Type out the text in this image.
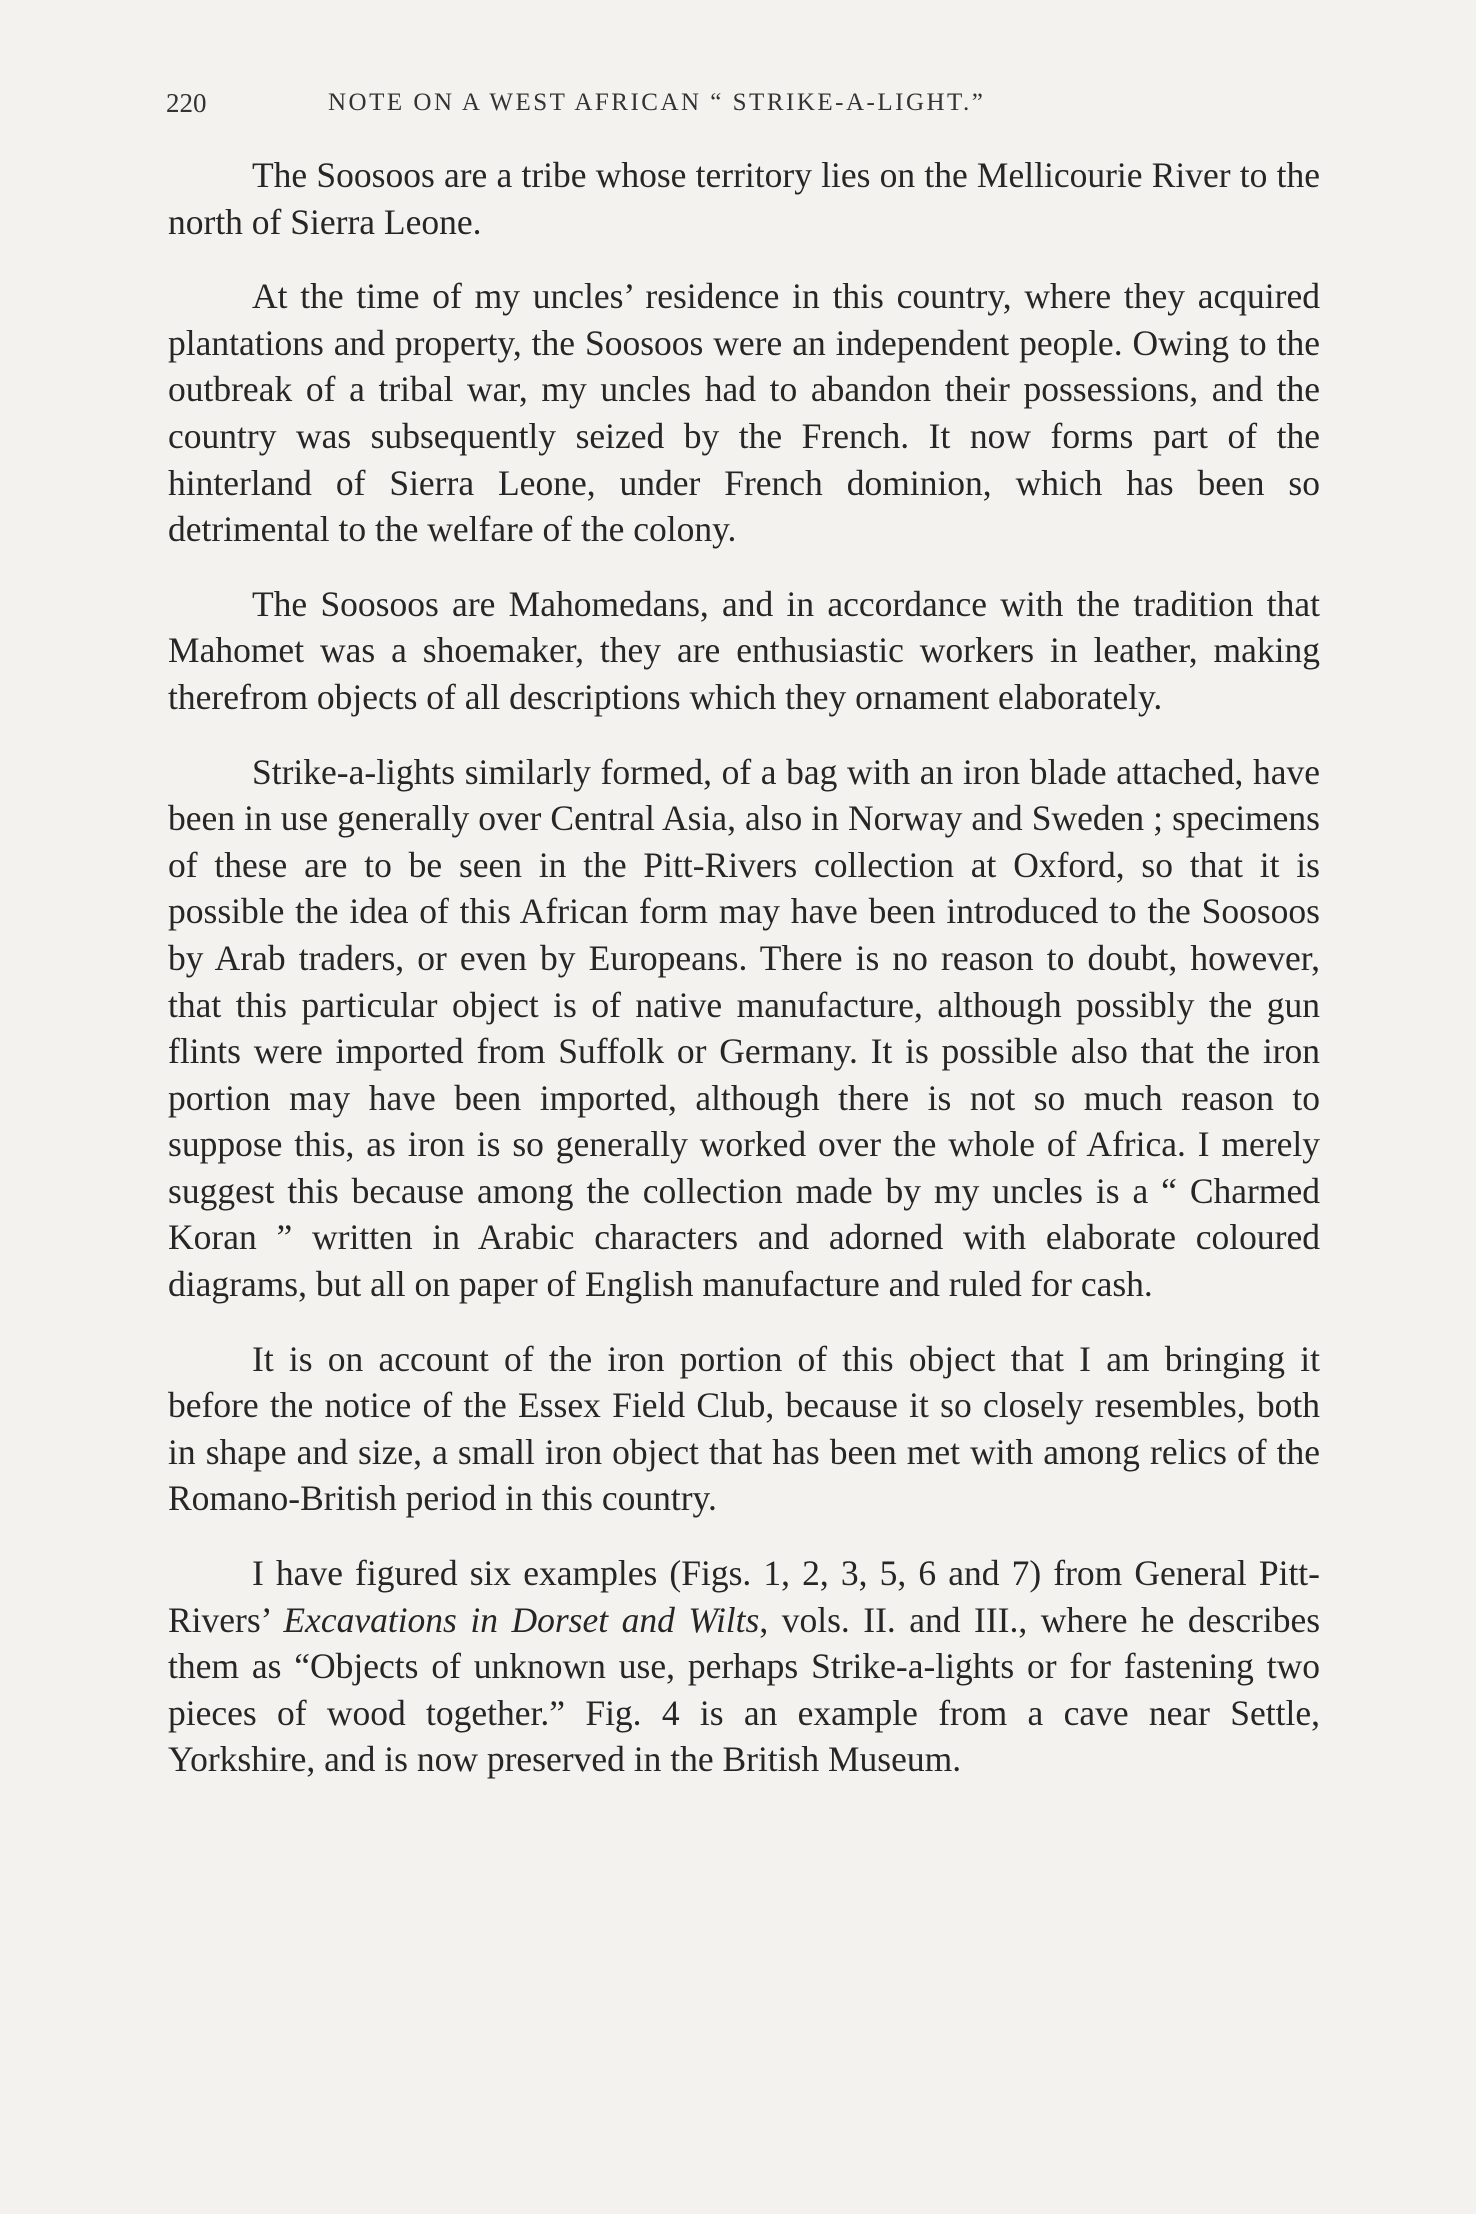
220	NOTE ON A WEST AFRICAN “ STRIKE-A-LIGHT.”

The Soosoos are a tribe whose territory lies on the Mellicourie River to the north of Sierra Leone.

At the time of my uncles’ residence in this country, where they acquired plantations and property, the Soosoos were an independent people. Owing to the outbreak of a tribal war, my uncles had to abandon their possessions, and the country was subsequently seized by the French. It now forms part of the hinterland of Sierra Leone, under French dominion, which has been so detrimental to the welfare of the colony.

The Soosoos are Mahomedans, and in accordance with the tradition that Mahomet was a shoemaker, they are enthusiastic workers in leather, making therefrom objects of all descriptions which they ornament elaborately.

Strike-a-lights similarly formed, of a bag with an iron blade attached, have been in use generally over Central Asia, also in Norway and Sweden ; specimens of these are to be seen in the Pitt-Rivers collection at Oxford, so that it is possible the idea of this African form may have been introduced to the Soosoos by Arab traders, or even by Europeans. There is no reason to doubt, however, that this particular object is of native manufacture, although possibly the gun flints were imported from Suffolk or Germany. It is possible also that the iron portion may have been imported, although there is not so much reason to suppose this, as iron is so generally worked over the whole of Africa. I merely suggest this because among the collection made by my uncles is a “ Charmed Koran ” written in Arabic characters and adorned with elaborate coloured diagrams, but all on paper of English manufacture and ruled for cash.

It is on account of the iron portion of this object that I am bringing it before the notice of the Essex Field Club, because it so closely resembles, both in shape and size, a small iron object that has been met with among relics of the Romano-British period in this country.

I have figured six examples (Figs. 1, 2, 3, 5, 6 and 7) from General Pitt-Rivers’ Excavations in Dorset and Wilts, vols. II. and III., where he describes them as “Objects of unknown use, perhaps Strike-a-lights or for fastening two pieces of wood together.” Fig. 4 is an example from a cave near Settle, Yorkshire, and is now preserved in the British Museum.
